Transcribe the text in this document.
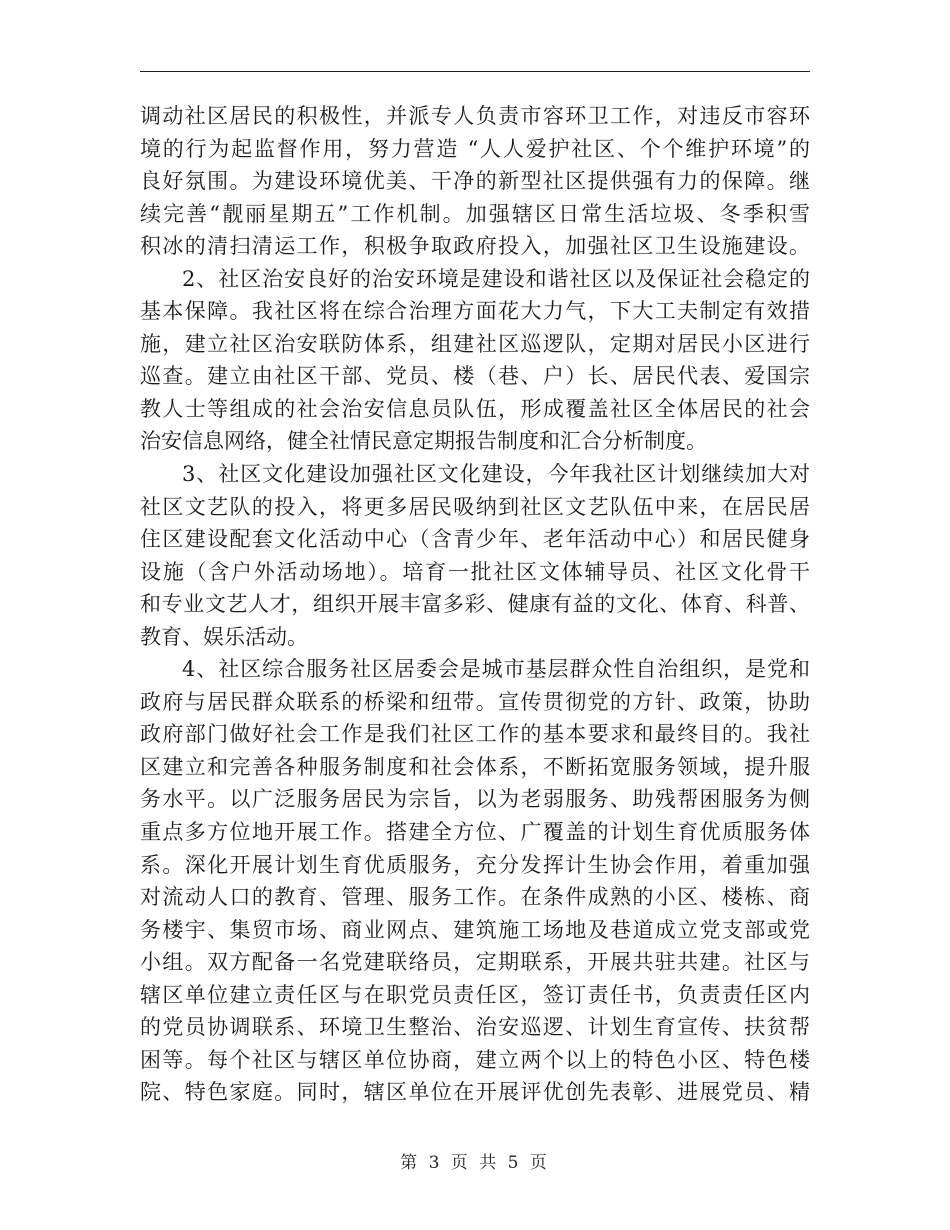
调动社区居民的积极性，并派专人负责市容环卫工作，对违反市容环
境的行为起监督作用，努力营造 “人人爱护社区、个个维护环境”的
良好氛围。为建设环境优美、干净的新型社区提供强有力的保障。继
续完善“靓丽星期五”工作机制。加强辖区日常生活垃圾、冬季积雪
积冰的清扫清运工作，积极争取政府投入，加强社区卫生设施建设。
2、社区治安良好的治安环境是建设和谐社区以及保证社会稳定的
基本保障。我社区将在综合治理方面花大力气，下大工夫制定有效措
施，建立社区治安联防体系，组建社区巡逻队，定期对居民小区进行
巡查。建立由社区干部、党员、楼（巷、户）长、居民代表、爱国宗
教人士等组成的社会治安信息员队伍，形成覆盖社区全体居民的社会
治安信息网络，健全社情民意定期报告制度和汇合分析制度。
3、社区文化建设加强社区文化建设，今年我社区计划继续加大对
社区文艺队的投入，将更多居民吸纳到社区文艺队伍中来，在居民居
住区建设配套文化活动中心（含青少年、老年活动中心）和居民健身
设施（含户外活动场地）。培育一批社区文体辅导员、社区文化骨干
和专业文艺人才，组织开展丰富多彩、健康有益的文化、体育、科普、
教育、娱乐活动。
4、社区综合服务社区居委会是城市基层群众性自治组织，是党和
政府与居民群众联系的桥梁和纽带。宣传贯彻党的方针、政策，协助
政府部门做好社会工作是我们社区工作的基本要求和最终目的。我社
区建立和完善各种服务制度和社会体系，不断拓宽服务领域，提升服
务水平。以广泛服务居民为宗旨，以为老弱服务、助残帮困服务为侧
重点多方位地开展工作。搭建全方位、广覆盖的计划生育优质服务体
系。深化开展计划生育优质服务，充分发挥计生协会作用，着重加强
对流动人口的教育、管理、服务工作。在条件成熟的小区、楼栋、商
务楼宇、集贸市场、商业网点、建筑施工场地及巷道成立党支部或党
小组。双方配备一名党建联络员，定期联系，开展共驻共建。社区与
辖区单位建立责任区与在职党员责任区，签订责任书，负责责任区内
的党员协调联系、环境卫生整治、治安巡逻、计划生育宣传、扶贫帮
困等。每个社区与辖区单位协商，建立两个以上的特色小区、特色楼
院、特色家庭。同时，辖区单位在开展评优创先表彰、进展党员、精
第 3 页 共 5 页
